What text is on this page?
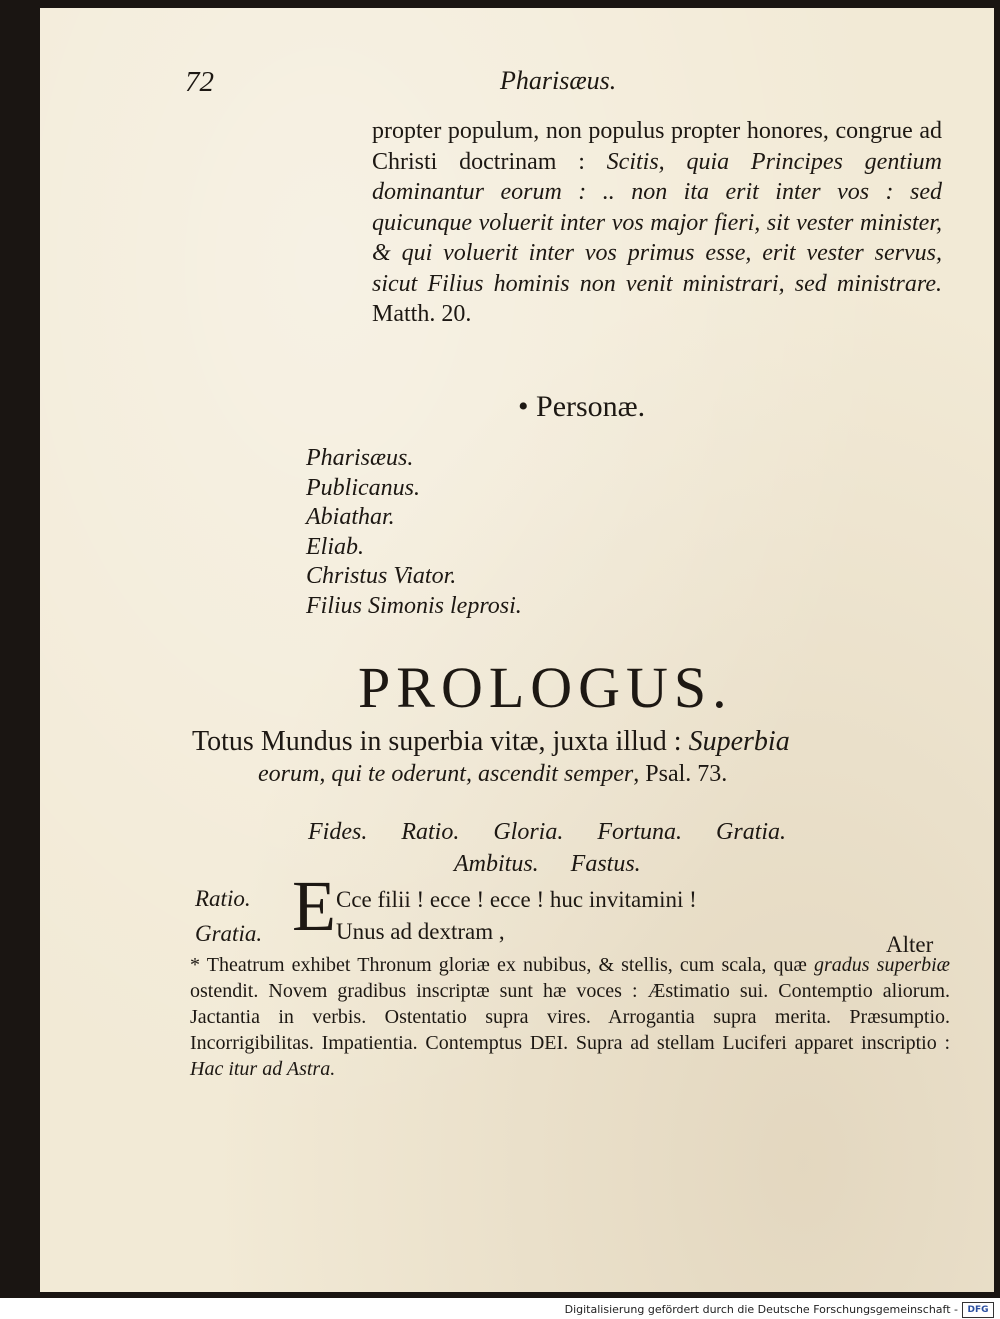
72	Pharisæus.
propter populum, non populus propter honores, congrue ad Christi doctrinam : Scitis, quia Principes gentium dominantur eorum : .. non ita erit inter vos : sed quicunque voluerit inter vos major fieri, sit vester minister, & qui voluerit inter vos primus esse, erit vester servus, sicut Filius hominis non venit ministrari, sed ministrare. Matth. 20.
• Personæ.
Pharisæus.
Publicanus.
Abiathar.
Eliab.
Christus Viator.
Filius Simonis leprosi.
PROLOGUS.
Totus Mundus in superbia vitæ, juxta illud : Superbia
eorum, qui te oderunt, ascendit semper, Psal. 73.
Fides. Ratio. Gloria. Fortuna. Gratia.
Ambitus. Fastus.
Ratio.
Gratia. E Cce filii ! ecce ! ecce ! huc invitamini !
Unus ad dextram ,
Alter
* Theatrum exhibet Thronum gloriæ ex nubibus, & stellis, cum scala, quæ gradus superbiæ ostendit. Novem gradibus inscriptæ sunt hæ voces : Æstimatio sui. Contemptio aliorum. Jactantia in verbis. Ostentatio supra vires. Arrogantia supra merita. Præsumptio. Incorrigibilitas. Impatientia. Contemptus DEI. Supra ad stellam Luciferi apparet inscriptio : Hac itur ad Astra.
Digitalisierung gefördert durch die Deutsche Forschungsgemeinschaft -	DFG
